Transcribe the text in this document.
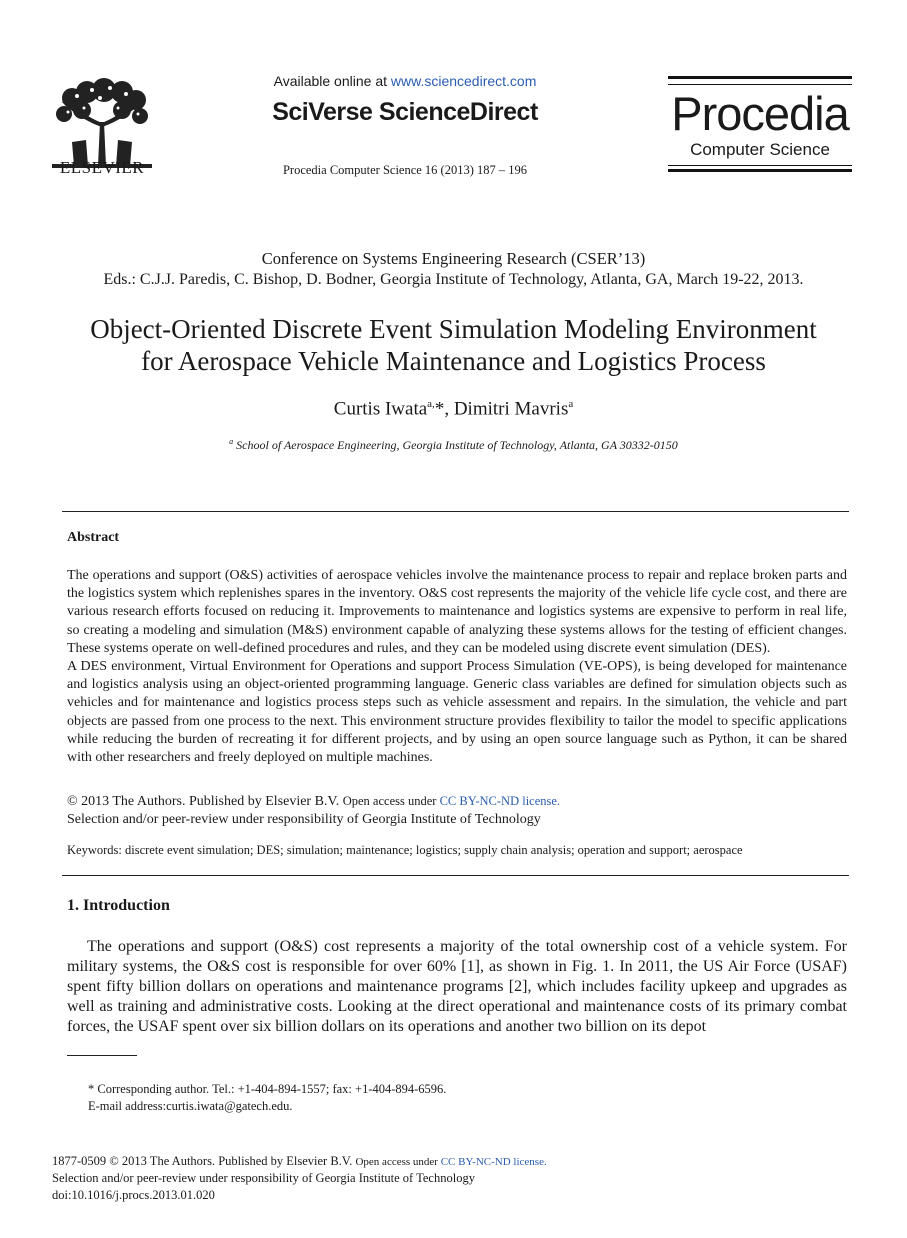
ELSEVIER
Available online at www.sciencedirect.com
SciVerse ScienceDirect
Procedia Computer Science 16 (2013) 187 – 196
Procedia
Computer Science
Conference on Systems Engineering Research (CSER’13)
Eds.: C.J.J. Paredis, C. Bishop, D. Bodner, Georgia Institute of Technology, Atlanta, GA, March 19-22, 2013.
Object-Oriented Discrete Event Simulation Modeling Environment
for Aerospace Vehicle Maintenance and Logistics Process
Curtis Iwata$^{a,}$*, Dimitri Mavris$^a$
$^a$ School of Aerospace Engineering, Georgia Institute of Technology, Atlanta, GA 30332-0150
Abstract

The operations and support (O&S) activities of aerospace vehicles involve the maintenance process to repair and replace broken parts and the logistics system which replenishes spares in the inventory. O&S cost represents the majority of the vehicle life cycle cost, and there are various research efforts focused on reducing it. Improvements to maintenance and logistics systems are expensive to perform in real life, so creating a modeling and simulation (M&S) environment capable of analyzing these systems allows for the testing of efficient changes. These systems operate on well-defined procedures and rules, and they can be modeled using discrete event simulation (DES).

A DES environment, Virtual Environment for Operations and support Process Simulation (VE-OPS), is being developed for maintenance and logistics analysis using an object-oriented programming language. Generic class variables are defined for simulation objects such as vehicles and for maintenance and logistics process steps such as vehicle assessment and repairs. In the simulation, the vehicle and part objects are passed from one process to the next. This environment structure provides flexibility to tailor the model to specific applications while reducing the burden of recreating it for different projects, and by using an open source language such as Python, it can be shared with other researchers and freely deployed on multiple machines.

© 2013 The Authors. Published by Elsevier B.V. Open access under CC BY-NC-ND license.
Selection and/or peer-review under responsibility of Georgia Institute of Technology
Keywords: discrete event simulation; DES; simulation; maintenance; logistics; supply chain analysis; operation and support; aerospace
1. Introduction
The operations and support (O&S) cost represents a majority of the total ownership cost of a vehicle system. For military systems, the O&S cost is responsible for over 60% [1], as shown in Fig. 1. In 2011, the US Air Force (USAF) spent fifty billion dollars on operations and maintenance programs [2], which includes facility upkeep and upgrades as well as training and administrative costs. Looking at the direct operational and maintenance costs of its primary combat forces, the USAF spent over six billion dollars on its operations and another two billion on its depot
* Corresponding author. Tel.: +1-404-894-1557; fax: +1-404-894-6596.
E-mail address:curtis.iwata@gatech.edu.
1877-0509 © 2013 The Authors. Published by Elsevier B.V. Open access under CC BY-NC-ND license.
Selection and/or peer-review under responsibility of Georgia Institute of Technology
doi:10.1016/j.procs.2013.01.020
